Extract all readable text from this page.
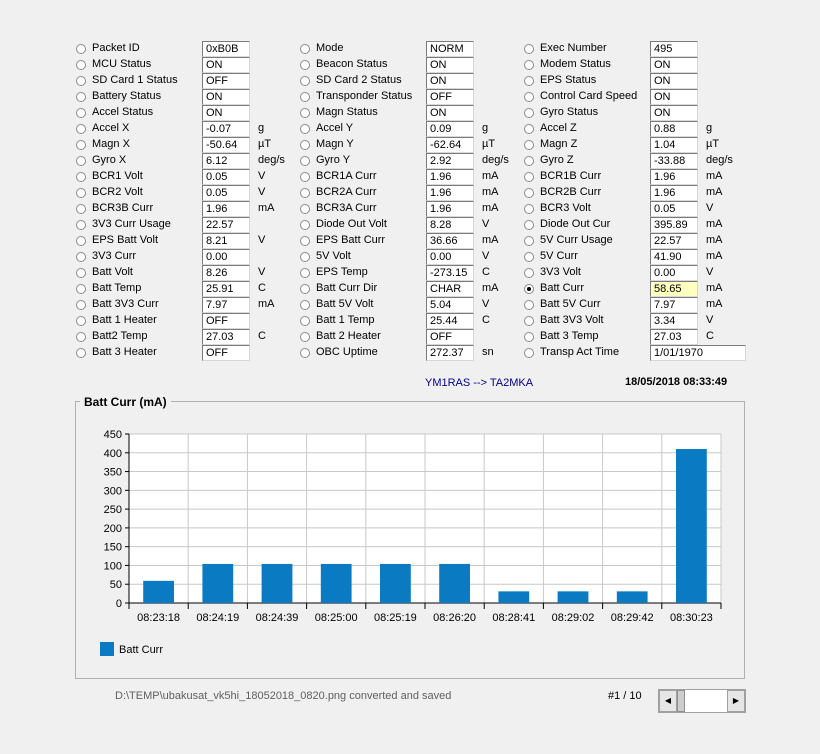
Packet ID	0xB0B
MCU Status	ON
SD Card 1 Status	OFF
Battery Status	ON
Accel Status	ON
Accel X	-0.07	g
Magn X	-50.64	µT
Gyro X	6.12	deg/s
BCR1 Volt	0.05	V
BCR2 Volt	0.05	V
BCR3B Curr	1.96	mA
3V3 Curr Usage	22.57
EPS Batt Volt	8.21	V
3V3 Curr	0.00
Batt Volt	8.26	V
Batt Temp	25.91	C
Batt 3V3 Curr	7.97	mA
Batt 1 Heater	OFF
Batt2 Temp	27.03	C
Batt 3 Heater	OFF
Mode	NORM
Beacon Status	ON
SD Card 2 Status	ON
Transponder Status	OFF
Magn Status	ON
Accel Y	0.09	g
Magn Y	-62.64	µT
Gyro Y	2.92	deg/s
BCR1A Curr	1.96	mA
BCR2A Curr	1.96	mA
BCR3A Curr	1.96	mA
Diode Out Volt	8.28	V
EPS Batt Curr	36.66	mA
5V Volt	0.00	V
EPS Temp	-273.15	C
Batt Curr Dir	CHAR	mA
Batt 5V Volt	5.04	V
Batt 1 Temp	25.44	C
Batt 2 Heater	OFF
OBC Uptime	272.37	sn
Exec Number	495
Modem Status	ON
EPS Status	ON
Control Card Speed	ON
Gyro Status	ON
Accel Z	0.88	g
Magn Z	1.04	µT
Gyro Z	-33.88	deg/s
BCR1B Curr	1.96	mA
BCR2B Curr	1.96	mA
BCR3 Volt	0.05	V
Diode Out Cur	395.89	mA
5V Curr Usage	22.57	mA
5V Curr	41.90	mA
3V3 Volt	0.00	V
Batt Curr	58.65	mA
Batt 5V Curr	7.97	mA
Batt 3V3 Volt	3.34	V
Batt 3 Temp	27.03	C
Transp Act Time	1/01/1970
YM1RAS --> TA2MKA	18/05/2018 08:33:49
0
50
100
150
200
250
300
350
400
450
08:23:18 08:24:19 08:24:39 08:25:00 08:25:19 08:26:20 08:28:41 08:29:02 08:29:42 08:30:23
Batt Curr
Batt Curr (mA)
D:\TEMP\ubakusat_vk5hi_18052018_0820.png converted and saved	#1 / 10	◀	▶
